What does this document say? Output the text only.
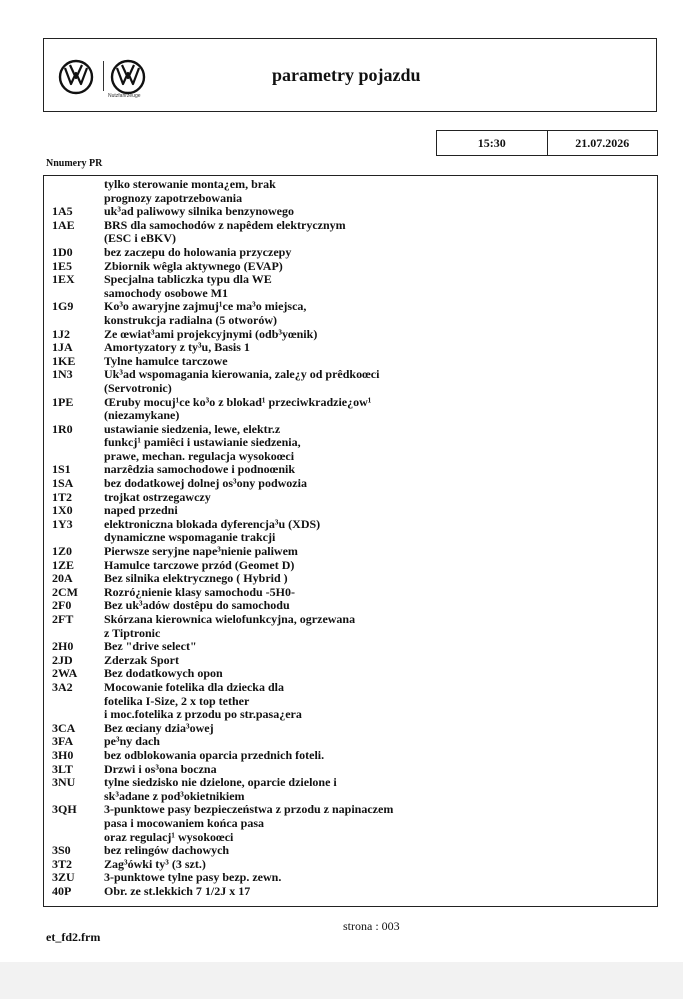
Nutzfahrzeuge
parametry pojazdu
15:30	21.07.2026
Nnumery PR
tylko sterowanie monta¿em, brak
prognozy zapotrzebowania
1A5	uk³ad paliwowy silnika benzynowego
1AE	BRS dla samochodów z napêdem elektrycznym
(ESC i eBKV)
1D0	bez zaczepu do holowania przyczepy
1E5	Zbiornik wêgla aktywnego (EVAP)
1EX	Specjalna tabliczka typu dla WE
samochody osobowe M1
1G9	Ko³o awaryjne zajmuj¹ce ma³o miejsca,
konstrukcja radialna (5 otworów)
1J2	Ze œwiat³ami projekcyjnymi (odb³yœnik)
1JA	Amortyzatory z ty³u, Basis 1
1KE	Tylne hamulce tarczowe
1N3	Uk³ad wspomagania kierowania, zale¿y od prêdkoœci
(Servotronic)
1PE	Œruby mocuj¹ce ko³o z blokad¹ przeciwkradzie¿ow¹
(niezamykane)
1R0	ustawianie siedzenia, lewe, elektr.z
funkcj¹ pamiêci i ustawianie siedzenia,
prawe, mechan. regulacja wysokoœci
1S1	narzêdzia samochodowe i podnoœnik
1SA	bez dodatkowej dolnej os³ony podwozia
1T2	trojkat ostrzegawczy
1X0	naped przedni
1Y3	elektroniczna blokada dyferencja³u (XDS)
dynamiczne wspomaganie trakcji
1Z0	Pierwsze seryjne nape³nienie paliwem
1ZE	Hamulce tarczowe przód (Geomet D)
20A	Bez silnika elektrycznego ( Hybrid )
2CM	Rozró¿nienie klasy samochodu -5H0-
2F0	Bez uk³adów dostêpu do samochodu
2FT	Skórzana kierownica wielofunkcyjna, ogrzewana
z Tiptronic
2H0	Bez "drive select"
2JD	Zderzak Sport
2WA	Bez dodatkowych opon
3A2	Mocowanie fotelika dla dziecka dla
fotelika I-Size, 2 x top tether
i moc.fotelika z przodu po str.pasa¿era
3CA	Bez œciany dzia³owej
3FA	pe³ny dach
3H0	bez odblokowania oparcia przednich foteli.
3LT	Drzwi i os³ona boczna
3NU	tylne siedzisko nie dzielone, oparcie dzielone i
sk³adane z pod³okietnikiem
3QH	3-punktowe pasy bezpieczeństwa z przodu z napinaczem
pasa i mocowaniem końca pasa
oraz regulacj¹ wysokoœci
3S0	bez relingów dachowych
3T2	Zag³ówki ty³ (3 szt.)
3ZU	3-punktowe tylne pasy bezp. zewn.
40P	Obr. ze st.lekkich 7 1/2J x 17
strona : 003
et_fd2.frm
